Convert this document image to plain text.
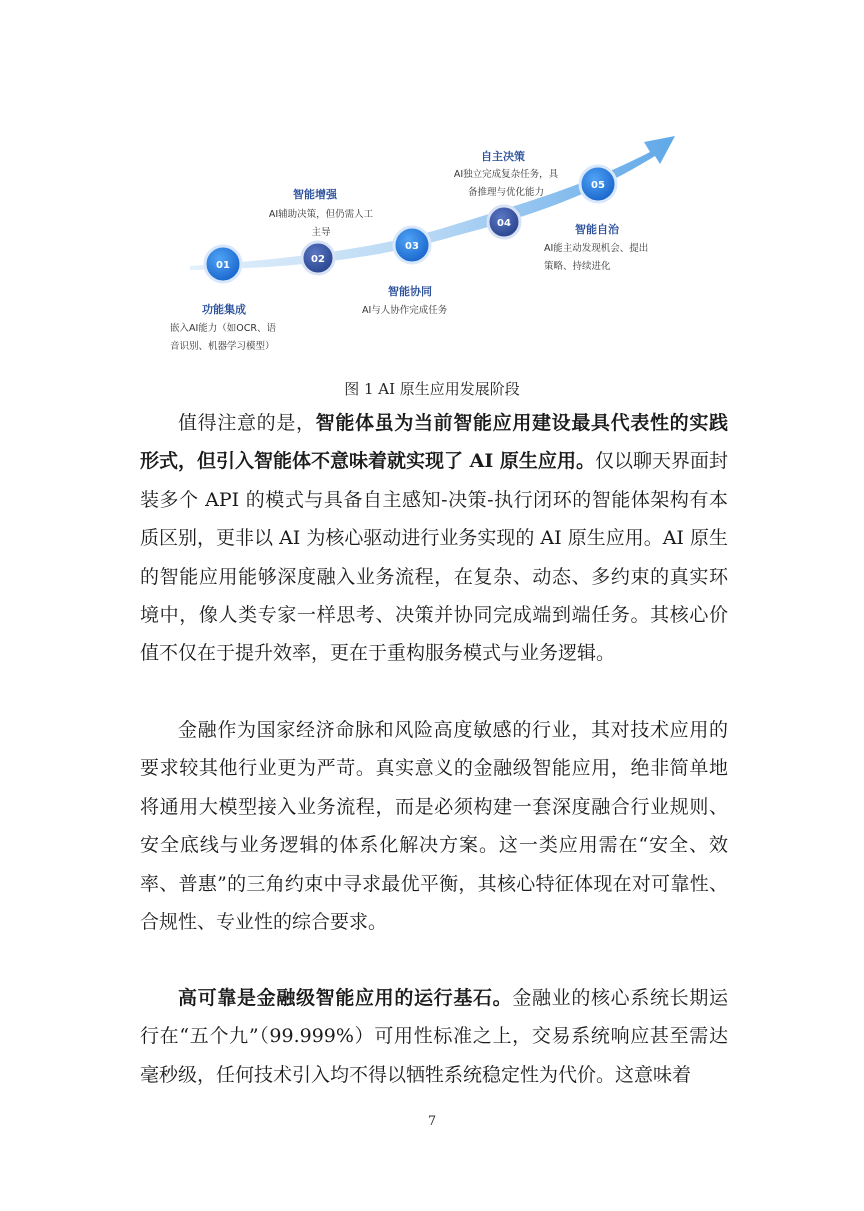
01
02
03
04
05
功能集成
嵌入AI能力（如OCR、语
音识别、机器学习模型）
智能增强
AI辅助决策，但仍需人工
主导
智能协同
AI与人协作完成任务
自主决策
AI独立完成复杂任务，具
备推理与优化能力
智能自治
AI能主动发现机会、提出
策略、持续进化
图 1 AI 原生应用发展阶段

值得注意的是，智能体虽为当前智能应用建设最具代表性的实践形式，但引入智能体不意味着就实现了 AI 原生应用。仅以聊天界面封装多个 API 的模式与具备自主感知-决策-执行闭环的智能体架构有本质区别，更非以 AI 为核心驱动进行业务实现的 AI 原生应用。AI 原生的智能应用能够深度融入业务流程，在复杂、动态、多约束的真实环境中，像人类专家一样思考、决策并协同完成端到端任务。其核心价值不仅在于提升效率，更在于重构服务模式与业务逻辑。

金融作为国家经济命脉和风险高度敏感的行业，其对技术应用的要求较其他行业更为严苛。真实意义的金融级智能应用，绝非简单地将通用大模型接入业务流程，而是必须构建一套深度融合行业规则、安全底线与业务逻辑的体系化解决方案。这一类应用需在“安全、效率、普惠”的三角约束中寻求最优平衡，其核心特征体现在对可靠性、合规性、专业性的综合要求。

高可靠是金融级智能应用的运行基石。金融业的核心系统长期运行在“五个九”（99.999%）可用性标准之上，交易系统响应甚至需达毫秒级，任何技术引入均不得以牺牲系统稳定性为代价。这意味着

7
